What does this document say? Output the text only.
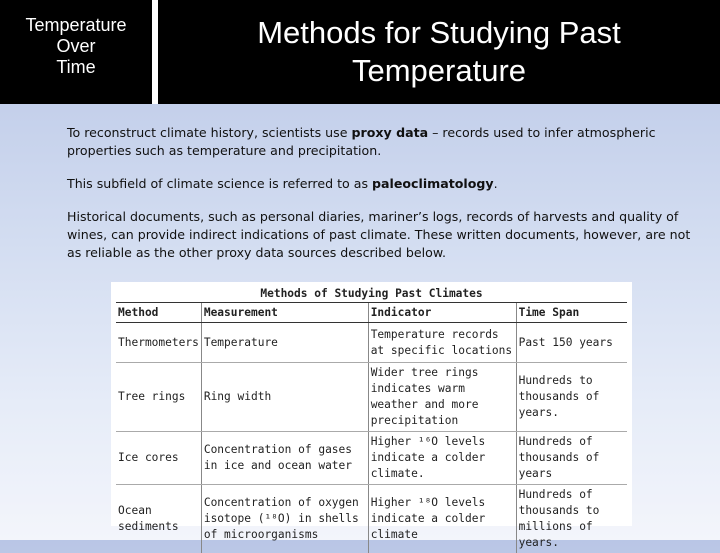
Temperature
Over
Time
Methods for Studying Past
Temperature

To reconstruct climate history, scientists use proxy data – records used to infer atmospheric properties such as temperature and precipitation.

This subfield of climate science is referred to as paleoclimatology.

Historical documents, such as personal diaries, mariner’s logs, records of harvests and quality of wines, can provide indirect indications of past climate. These written documents, however, are not as reliable as the other proxy data sources described below.

Methods of Studying Past Climates
Method	Measurement	Indicator	Time Span
Thermometers	Temperature	Temperature records at specific locations	Past 150 years
Tree rings	Ring width	Wider tree rings indicates warm weather and more precipitation	Hundreds to thousands of years.
Ice cores	Concentration of gases in ice and ocean water	Higher ¹⁶O levels indicate a colder climate.	Hundreds of thousands of years
Ocean sediments	Concentration of oxygen isotope (¹⁸O) in shells of microorganisms	Higher ¹⁸O levels indicate a colder climate	Hundreds of thousands to millions of years.
